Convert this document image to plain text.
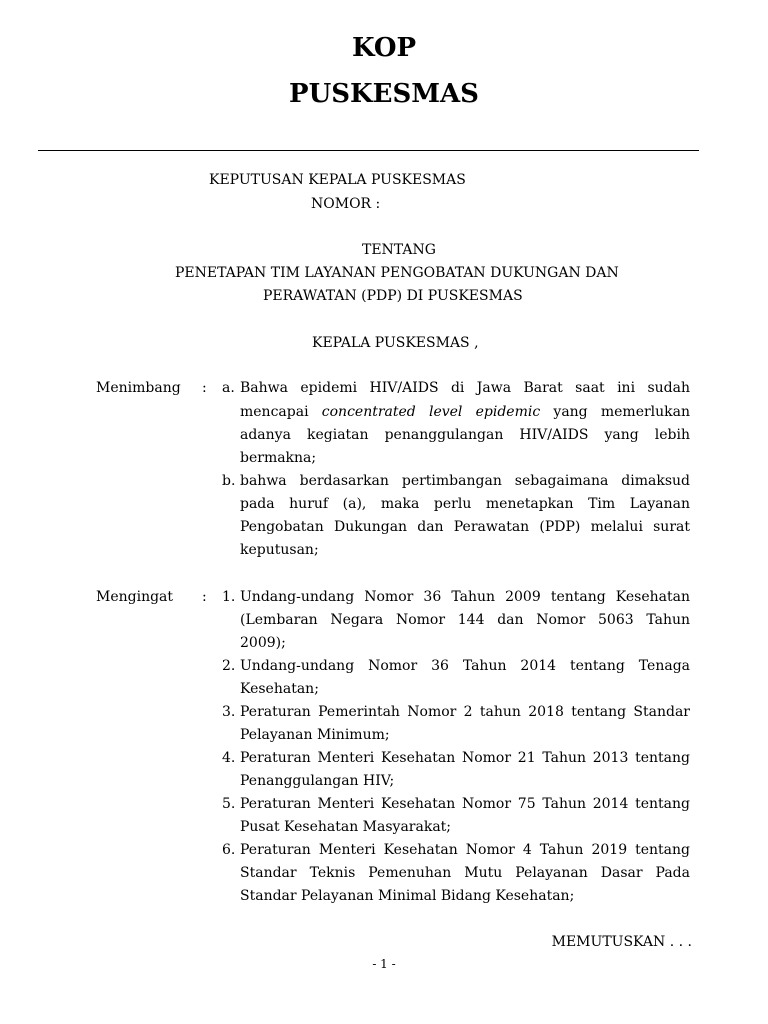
KOP
PUSKESMAS
KEPUTUSAN KEPALA PUSKESMAS
NOMOR :
TENTANG
PENETAPAN TIM LAYANAN PENGOBATAN DUKUNGAN DAN
PERAWATAN (PDP) DI PUSKESMAS
KEPALA PUSKESMAS ,
Menimbang : a. Bahwa epidemi HIV/AIDS di Jawa Barat saat ini sudah
mencapai concentrated level epidemic yang memerlukan
adanya kegiatan penanggulangan HIV/AIDS yang lebih
bermakna;
b. bahwa berdasarkan pertimbangan sebagaimana dimaksud
pada huruf (a), maka perlu menetapkan Tim Layanan
Pengobatan Dukungan dan Perawatan (PDP) melalui surat
keputusan;
Mengingat : 1. Undang-undang Nomor 36 Tahun 2009 tentang Kesehatan
(Lembaran Negara Nomor 144 dan Nomor 5063 Tahun
2009);
2. Undang-undang Nomor 36 Tahun 2014 tentang Tenaga
Kesehatan;
3. Peraturan Pemerintah Nomor 2 tahun 2018 tentang Standar
Pelayanan Minimum;
4. Peraturan Menteri Kesehatan Nomor 21 Tahun 2013 tentang
Penanggulangan HIV;
5. Peraturan Menteri Kesehatan Nomor 75 Tahun 2014 tentang
Pusat Kesehatan Masyarakat;
6. Peraturan Menteri Kesehatan Nomor 4 Tahun 2019 tentang
Standar Teknis Pemenuhan Mutu Pelayanan Dasar Pada
Standar Pelayanan Minimal Bidang Kesehatan;
MEMUTUSKAN . . .
- 1 -
